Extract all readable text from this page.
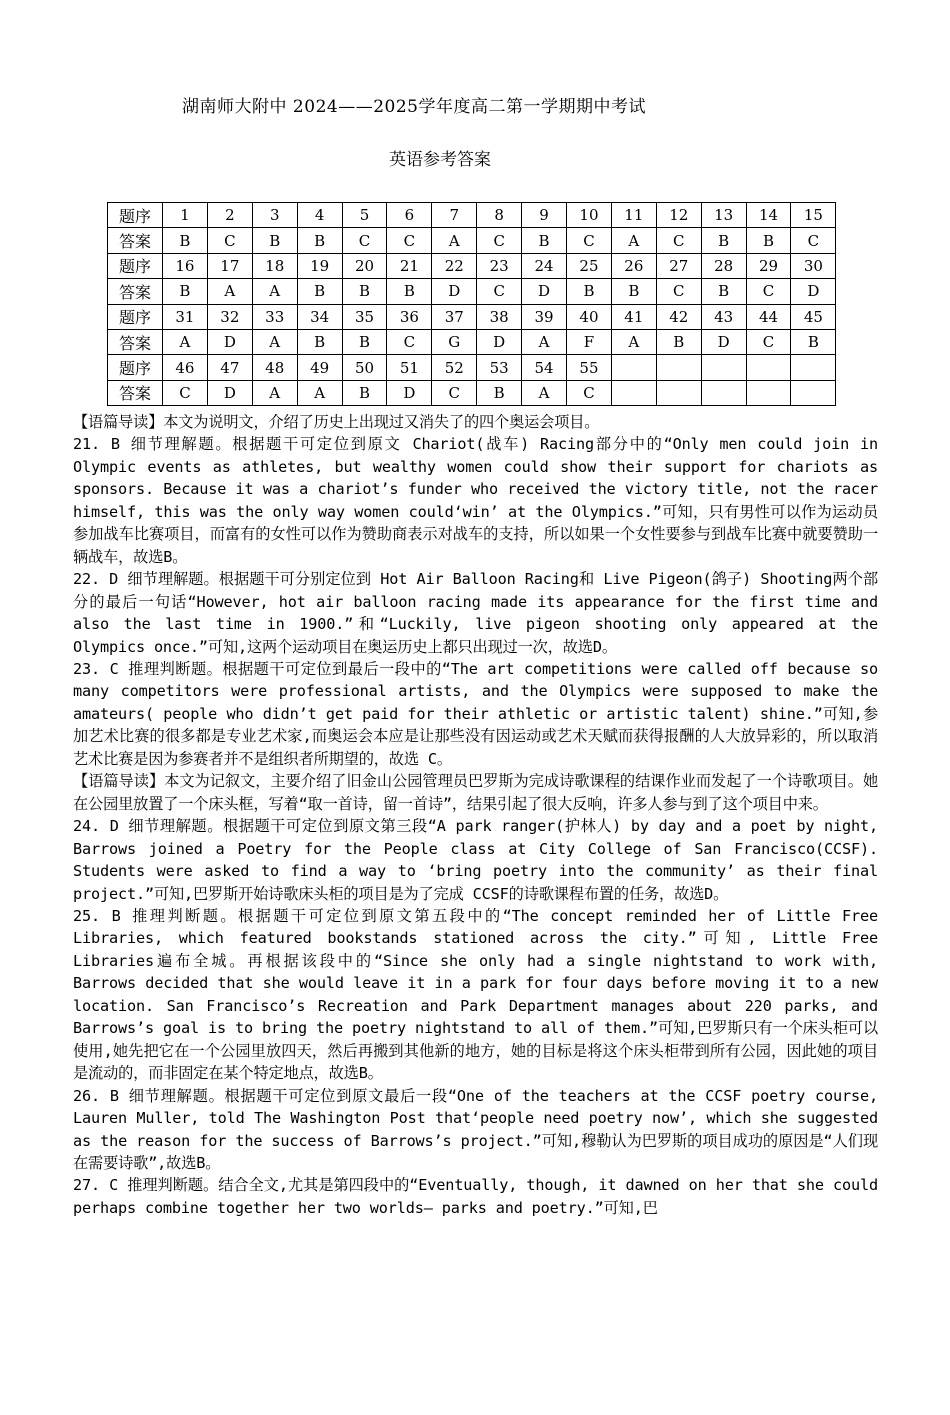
湖南师大附中 2024——2025学年度高二第一学期期中考试
英语参考答案
题序	1	2	3	4	5	6	7	8	9	10	11	12	13	14	15
答案	B	C	B	B	C	C	A	C	B	C	A	C	B	B	C
题序	16	17	18	19	20	21	22	23	24	25	26	27	28	29	30
答案	B	A	A	B	B	B	D	C	D	B	B	C	B	C	D
题序	31	32	33	34	35	36	37	38	39	40	41	42	43	44	45
答案	A	D	A	B	B	C	G	D	A	F	A	B	D	C	B
题序	46	47	48	49	50	51	52	53	54	55					
答案	C	D	A	A	B	D	C	B	A	C					

【语篇导读】本文为说明文，介绍了历史上出现过又消失了的四个奥运会项目。

21. B 细节理解题。根据题干可定位到原文 Chariot(战车) Racing部分中的“Only men could join in Olympic events as athletes, but wealthy women could show their support for chariots as sponsors. Because it was a chariot’s funder who received the victory title, not the racer himself, this was the only way women could‘win’ at the Olympics.”可知，只有男性可以作为运动员参加战车比赛项目，而富有的女性可以作为赞助商表示对战车的支持，所以如果一个女性要参与到战车比赛中就要赞助一辆战车，故选B。

22. D 细节理解题。根据题干可分别定位到 Hot Air Balloon Racing和 Live Pigeon(鸽子) Shooting两个部分的最后一句话“However, hot air balloon racing made its appearance for the first time and also the last time in 1900.”和“Luckily, live pigeon shooting only appeared at the Olympics once.”可知,这两个运动项目在奥运历史上都只出现过一次，故选D。

23. C 推理判断题。根据题干可定位到最后一段中的“The art competitions were called off because so many competitors were professional artists, and the Olympics were supposed to make the amateurs( people who didn’t get paid for their athletic or artistic talent) shine.”可知,参加艺术比赛的很多都是专业艺术家,而奥运会本应是让那些没有因运动或艺术天赋而获得报酬的人大放异彩的，所以取消艺术比赛是因为参赛者并不是组织者所期望的，故选 C。

【语篇导读】本文为记叙文，主要介绍了旧金山公园管理员巴罗斯为完成诗歌课程的结课作业而发起了一个诗歌项目。她在公园里放置了一个床头框，写着“取一首诗，留一首诗”，结果引起了很大反响，许多人参与到了这个项目中来。

24. D 细节理解题。根据题干可定位到原文第三段“A park ranger(护林人) by day and a poet by night, Barrows joined a Poetry for the People class at City College of San Francisco(CCSF). Students were asked to find a way to ‘bring poetry into the community’ as their final project.”可知,巴罗斯开始诗歌床头柜的项目是为了完成 CCSF的诗歌课程布置的任务，故选D。

25. B 推理判断题。根据题干可定位到原文第五段中的“The concept reminded her of Little Free Libraries, which featured bookstands stationed across the city.”可知, Little Free Libraries遍布全城。再根据该段中的“Since she only had a single nightstand to work with, Barrows decided that she would leave it in a park for four days before moving it to a new location. San Francisco’s Recreation and Park Department manages about 220 parks, and Barrows’s goal is to bring the poetry nightstand to all of them.”可知,巴罗斯只有一个床头柜可以使用,她先把它在一个公园里放四天，然后再搬到其他新的地方，她的目标是将这个床头柜带到所有公园，因此她的项目是流动的，而非固定在某个特定地点，故选B。

26. B 细节理解题。根据题干可定位到原文最后一段“One of the teachers at the CCSF poetry course, Lauren Muller, told The Washington Post that‘people need poetry now’, which she suggested as the reason for the success of Barrows’s project.”可知,穆勒认为巴罗斯的项目成功的原因是“人们现在需要诗歌”,故选B。

27. C 推理判断题。结合全文,尤其是第四段中的“Eventually, though, it dawned on her that she could perhaps combine together her two worlds— parks and poetry.”可知,巴
